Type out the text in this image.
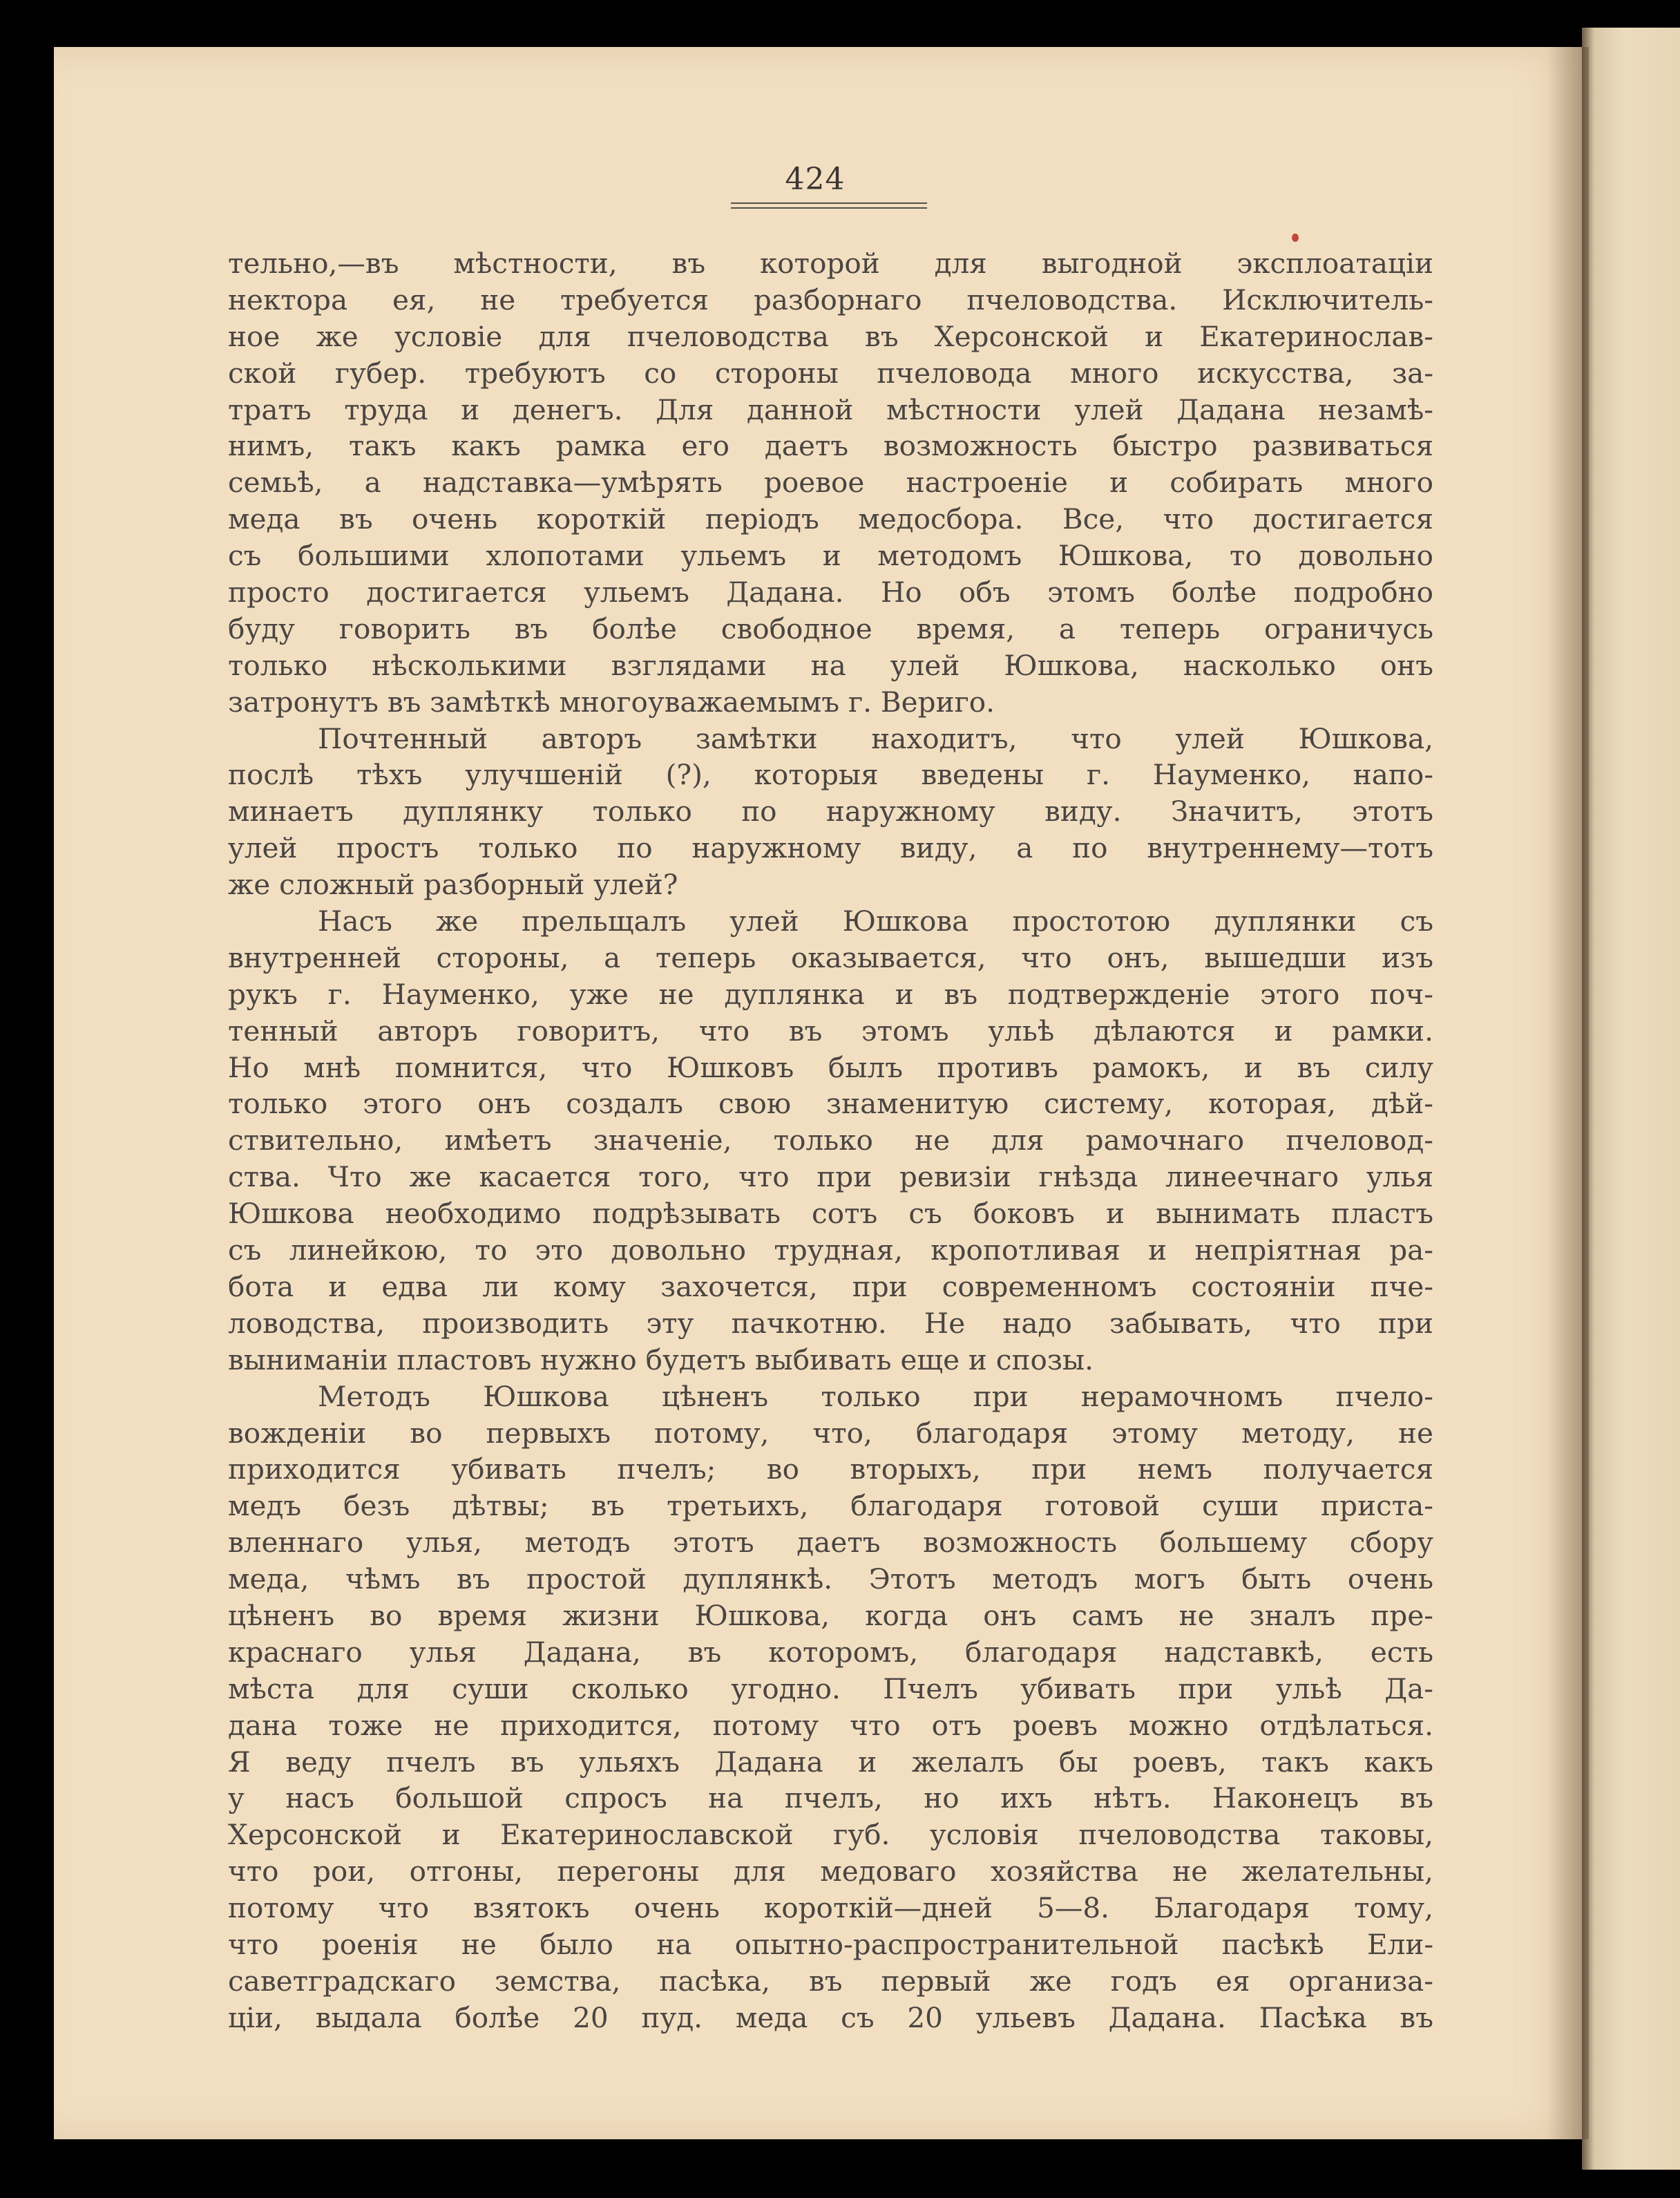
424
тельно,—въ мѣстности, въ которой для выгодной эксплоатацiи
нектора ея, не требуется разборнаго пчеловодства. Исключитель-
ное же условiе для пчеловодства въ Херсонской и Екатеринослав-
ской губер. требуютъ со стороны пчеловода много искусства, за-
тратъ труда и денегъ. Для данной мѣстности улей Дадана незамѣ-
нимъ, такъ какъ рамка его даетъ возможность быстро развиваться
семьѣ, а надставка—умѣрять роевое настроенiе и собирать много
меда въ очень короткiй перiодъ медосбора. Все, что достигается
съ большими хлопотами ульемъ и методомъ Юшкова, то довольно
просто достигается ульемъ Дадана. Но объ этомъ болѣе подробно
буду говорить въ болѣе свободное время, а теперь ограничусь
только нѣсколькими взглядами на улей Юшкова, насколько онъ
затронутъ въ замѣткѣ многоуважаемымъ г. Вериго.
Почтенный авторъ замѣтки находитъ, что улей Юшкова,
послѣ тѣхъ улучшенiй (?), которыя введены г. Науменко, напо-
минаетъ дуплянку только по наружному виду. Значитъ, этотъ
улей простъ только по наружному виду, а по внутреннему—тотъ
же сложный разборный улей?
Насъ же прельщалъ улей Юшкова простотою дуплянки съ
внутренней стороны, а теперь оказывается, что онъ, вышедши изъ
рукъ г. Науменко, уже не дуплянка и въ подтвержденiе этого поч-
тенный авторъ говоритъ, что въ этомъ ульѣ дѣлаются и рамки.
Но мнѣ помнится, что Юшковъ былъ противъ рамокъ, и въ силу
только этого онъ создалъ свою знаменитую систему, которая, дѣй-
ствительно, имѣетъ значенiе, только не для рамочнаго пчеловод-
ства. Что же касается того, что при ревизiи гнѣзда линеечнаго улья
Юшкова необходимо подрѣзывать сотъ съ боковъ и вынимать пластъ
съ линейкою, то это довольно трудная, кропотливая и непрiятная ра-
бота и едва ли кому захочется, при современномъ состоянiи пче-
ловодства, производить эту пачкотню. Не надо забывать, что при
выниманiи пластовъ нужно будетъ выбивать еще и спозы.
Методъ Юшкова цѣненъ только при нерамочномъ пчело-
вожденiи во первыхъ потому, что, благодаря этому методу, не
приходится убивать пчелъ; во вторыхъ, при немъ получается
медъ безъ дѣтвы; въ третьихъ, благодаря готовой суши приста-
вленнаго улья, методъ этотъ даетъ возможность большему сбору
меда, чѣмъ въ простой дуплянкѣ. Этотъ методъ могъ быть очень
цѣненъ во время жизни Юшкова, когда онъ самъ не зналъ пре-
краснаго улья Дадана, въ которомъ, благодаря надставкѣ, есть
мѣста для суши сколько угодно. Пчелъ убивать при ульѣ Да-
дана тоже не приходится, потому что отъ роевъ можно отдѣлаться.
Я веду пчелъ въ ульяхъ Дадана и желалъ бы роевъ, такъ какъ
у насъ большой спросъ на пчелъ, но ихъ нѣтъ. Наконецъ въ
Херсонской и Екатеринославской губ. условiя пчеловодства таковы,
что рои, отгоны, перегоны для медоваго хозяйства не желательны,
потому что взятокъ очень короткiй—дней 5—8. Благодаря тому,
что роенiя не было на опытно-распространительной пасѣкѣ Ели-
саветградскаго земства, пасѣка, въ первый же годъ ея организа-
цiи, выдала болѣе 20 пуд. меда съ 20 ульевъ Дадана. Пасѣка въ
